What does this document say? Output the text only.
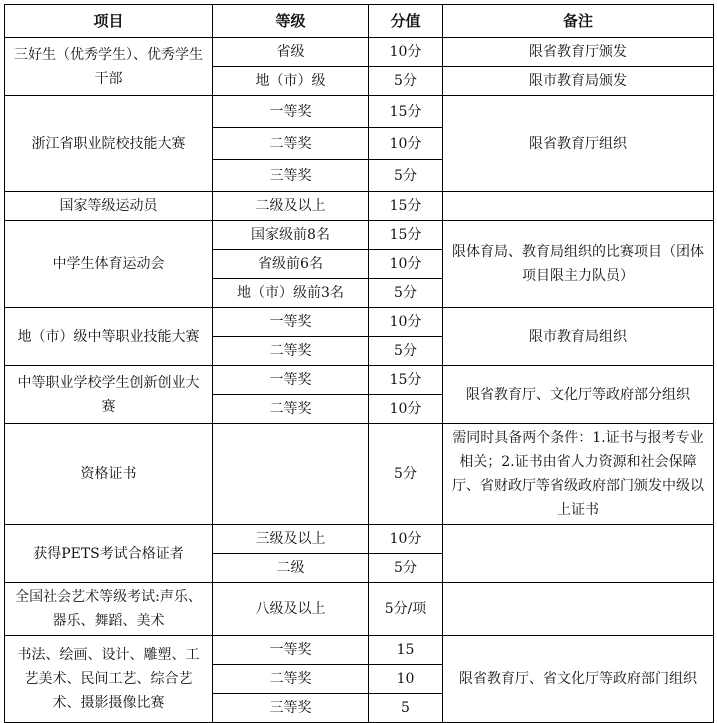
项目	等级	分值	备注
三好生（优秀学生）、优秀学生干部	省级	10分	限省教育厅颁发
	地（市）级	5分	限市教育局颁发
浙江省职业院校技能大赛	一等奖	15分	限省教育厅组织
	二等奖	10分	
	三等奖	5分	
国家等级运动员	二级及以上	15分	
中学生体育运动会	国家级前8名	15分	限体育局、教育局组织的比赛项目（团体项目限主力队员）
	省级前6名	10分	
	地（市）级前3名	5分	
地（市）级中等职业技能大赛	一等奖	10分	限市教育局组织
	二等奖	5分	
中等职业学校学生创新创业大赛	一等奖	15分	限省教育厅、文化厅等政府部分组织
	二等奖	10分	
资格证书		5分	需同时具备两个条件：1.证书与报考专业相关；2.证书由省人力资源和社会保障厅、省财政厅等省级政府部门颁发中级以上证书
获得PETS考试合格证者	三级及以上	10分	
	二级	5分	
全国社会艺术等级考试:声乐、器乐、舞蹈、美术	八级及以上	5分/项	
书法、绘画、设计、雕塑、工艺美术、民间工艺、综合艺术、摄影摄像比赛	一等奖	15	限省教育厅、省文化厅等政府部门组织
	二等奖	10	
	三等奖	5	
